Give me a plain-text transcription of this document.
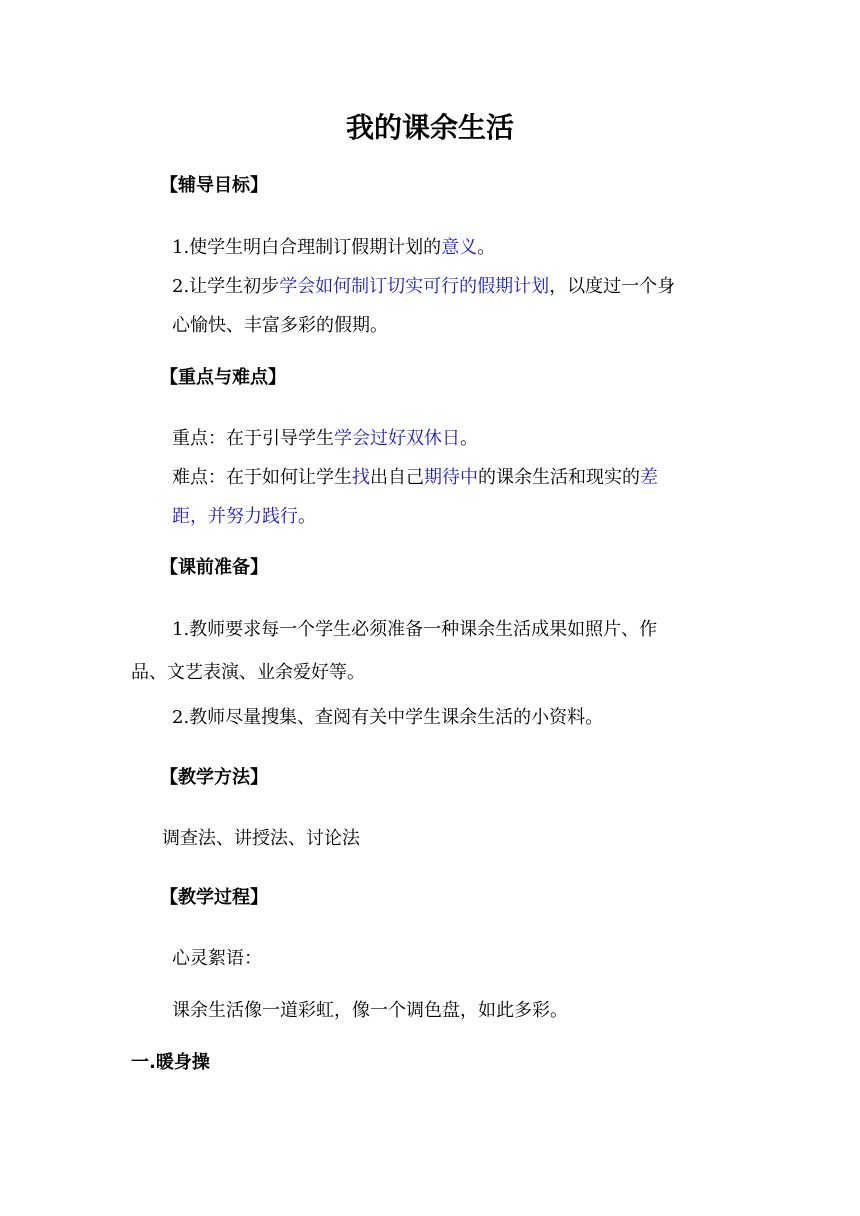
我的课余生活
【辅导目标】

1.使学生明白合理制订假期计划的意义。

2.让学生初步学会如何制订切实可行的假期计划，以度过一个身

心愉快、丰富多彩的假期。

【重点与难点】

重点：在于引导学生学会过好双休日。

难点：在于如何让学生找出自己期待中的课余生活和现实的差

距，并努力践行。

【课前准备】

1.教师要求每一个学生必须准备一种课余生活成果如照片、作

品、文艺表演、业余爱好等。

2.教师尽量搜集、查阅有关中学生课余生活的小资料。

【教学方法】

调查法、讲授法、讨论法

【教学过程】

心灵絮语：

课余生活像一道彩虹，像一个调色盘，如此多彩。

一.暖身操
